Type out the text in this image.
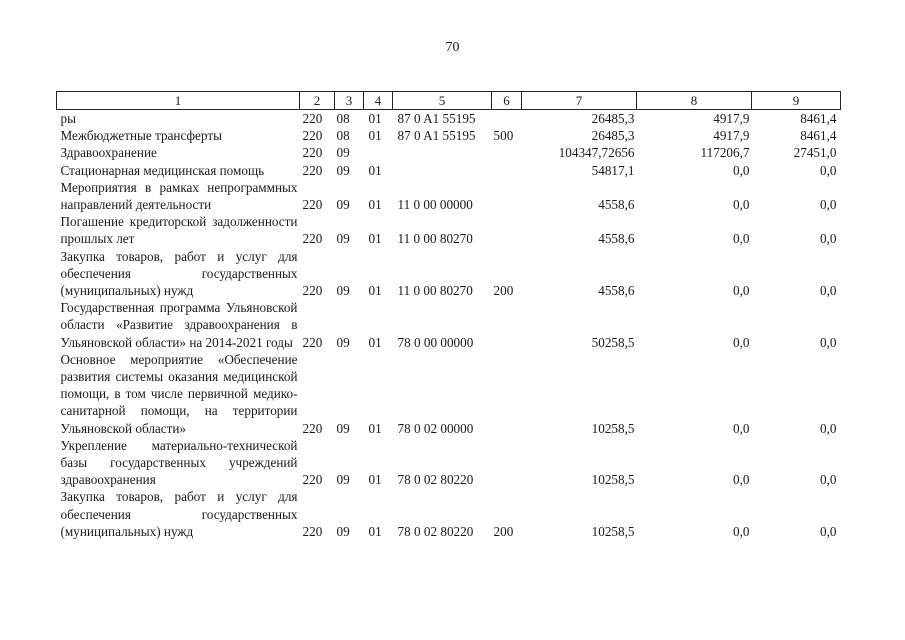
70
1	2	3	4	5	6	7	8	9
ры	220	08	01	87 0 A1 55195		26485,3	4917,9	8461,4
Межбюджетные трансферты	220	08	01	87 0 A1 55195	500	26485,3	4917,9	8461,4
Здравоохранение	220	09				104347,72656	117206,7	27451,0
Стационарная медицинская помощь	220	09	01			54817,1	0,0	0,0
Мероприятия в рамках непрограммных направлений деятельности	220	09	01	11 0 00 00000		4558,6	0,0	0,0
Погашение кредиторской задолженности прошлых лет	220	09	01	11 0 00 80270		4558,6	0,0	0,0
Закупка товаров, работ и услуг для обеспечения государственных (муниципальных) нужд	220	09	01	11 0 00 80270	200	4558,6	0,0	0,0
Государственная программа Ульяновской области «Развитие здравоохранения в Ульяновской области» на 2014-2021 годы	220	09	01	78 0 00 00000		50258,5	0,0	0,0
Основное мероприятие «Обеспечение развития системы оказания медицинской помощи, в том числе первичной медико-санитарной помощи, на территории Ульяновской области»	220	09	01	78 0 02 00000		10258,5	0,0	0,0
Укрепление материально-технической базы государственных учреждений здравоохранения	220	09	01	78 0 02 80220		10258,5	0,0	0,0
Закупка товаров, работ и услуг для обеспечения государственных (муниципальных) нужд	220	09	01	78 0 02 80220	200	10258,5	0,0	0,0
